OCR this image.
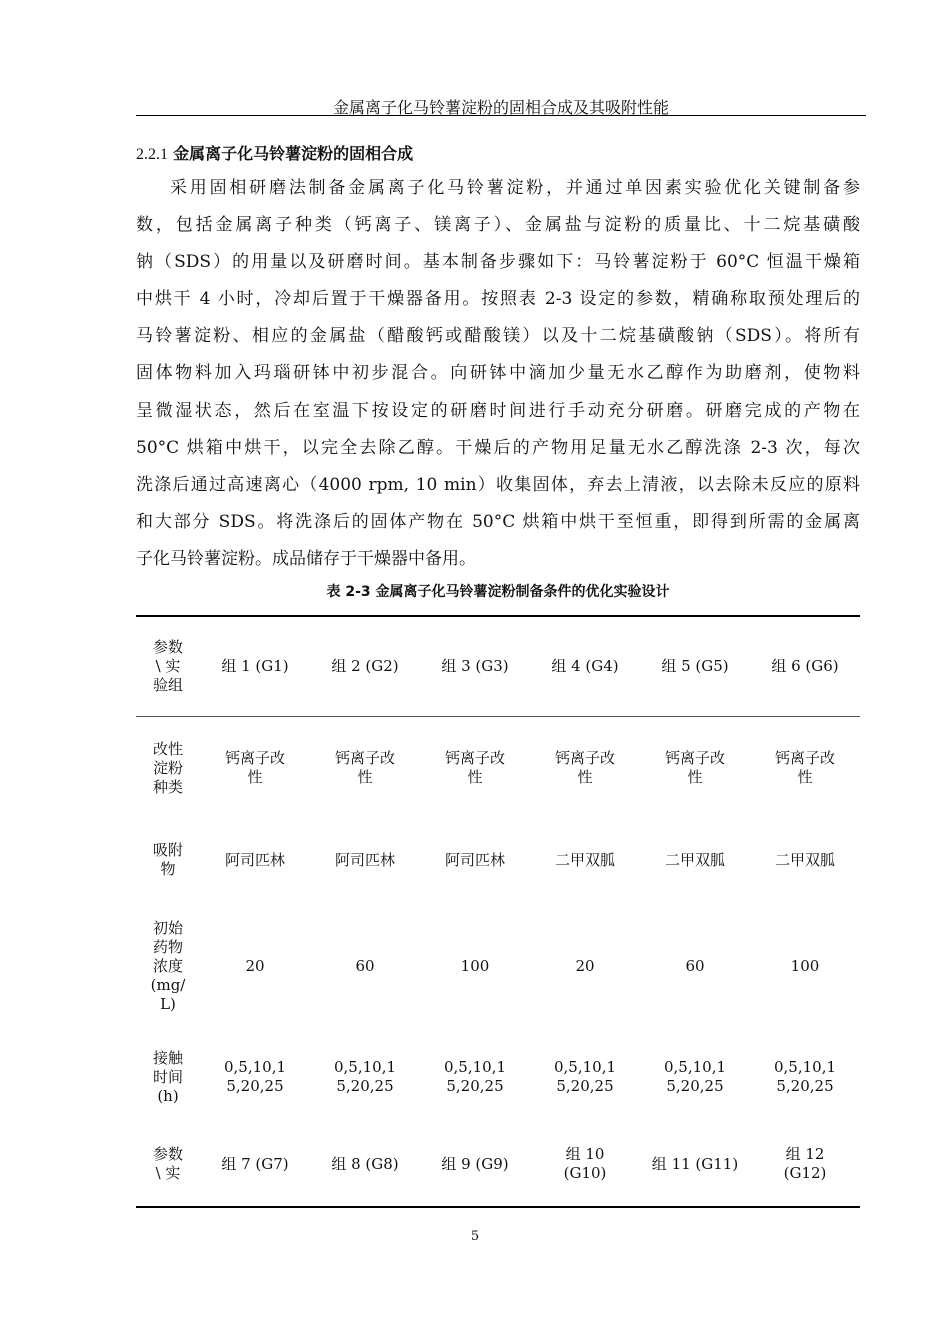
金属离子化马铃薯淀粉的固相合成及其吸附性能
2.2.1 金属离子化马铃薯淀粉的固相合成

采用固相研磨法制备金属离子化马铃薯淀粉，并通过单因素实验优化关键制备参
数，包括金属离子种类（钙离子、镁离子）、金属盐与淀粉的质量比、十二烷基磺酸
钠（SDS）的用量以及研磨时间。基本制备步骤如下：马铃薯淀粉于 60°C 恒温干燥箱
中烘干 4 小时，冷却后置于干燥器备用。按照表 2-3 设定的参数，精确称取预处理后的
马铃薯淀粉、相应的金属盐（醋酸钙或醋酸镁）以及十二烷基磺酸钠（SDS）。将所有
固体物料加入玛瑙研钵中初步混合。向研钵中滴加少量无水乙醇作为助磨剂，使物料
呈微湿状态，然后在室温下按设定的研磨时间进行手动充分研磨。研磨完成的产物在
50°C 烘箱中烘干，以完全去除乙醇。干燥后的产物用足量无水乙醇洗涤 2-3 次，每次
洗涤后通过高速离心（4000 rpm, 10 min）收集固体，弃去上清液，以去除未反应的原料
和大部分 SDS。将洗涤后的固体产物在 50°C 烘箱中烘干至恒重，即得到所需的金属离
子化马铃薯淀粉。成品储存于干燥器中备用。

表 2-3 金属离子化马铃薯淀粉制备条件的优化实验设计
参数 \ 实验组	组 1 (G1)	组 2 (G2)	组 3 (G3)	组 4 (G4)	组 5 (G5)	组 6 (G6)
改性淀粉种类	钙离子改性	钙离子改性	钙离子改性	钙离子改性	钙离子改性	钙离子改性
吸附物	阿司匹林	阿司匹林	阿司匹林	二甲双胍	二甲双胍	二甲双胍
初始药物浓度 (mg/L)	20	60	100	20	60	100
接触时间 (h)	0,5,10,15,20,25	0,5,10,15,20,25	0,5,10,15,20,25	0,5,10,15,20,25	0,5,10,15,20,25	0,5,10,15,20,25
参数 \ 实	组 7 (G7)	组 8 (G8)	组 9 (G9)	组 10 (G10)	组 11 (G11)	组 12 (G12)
5
